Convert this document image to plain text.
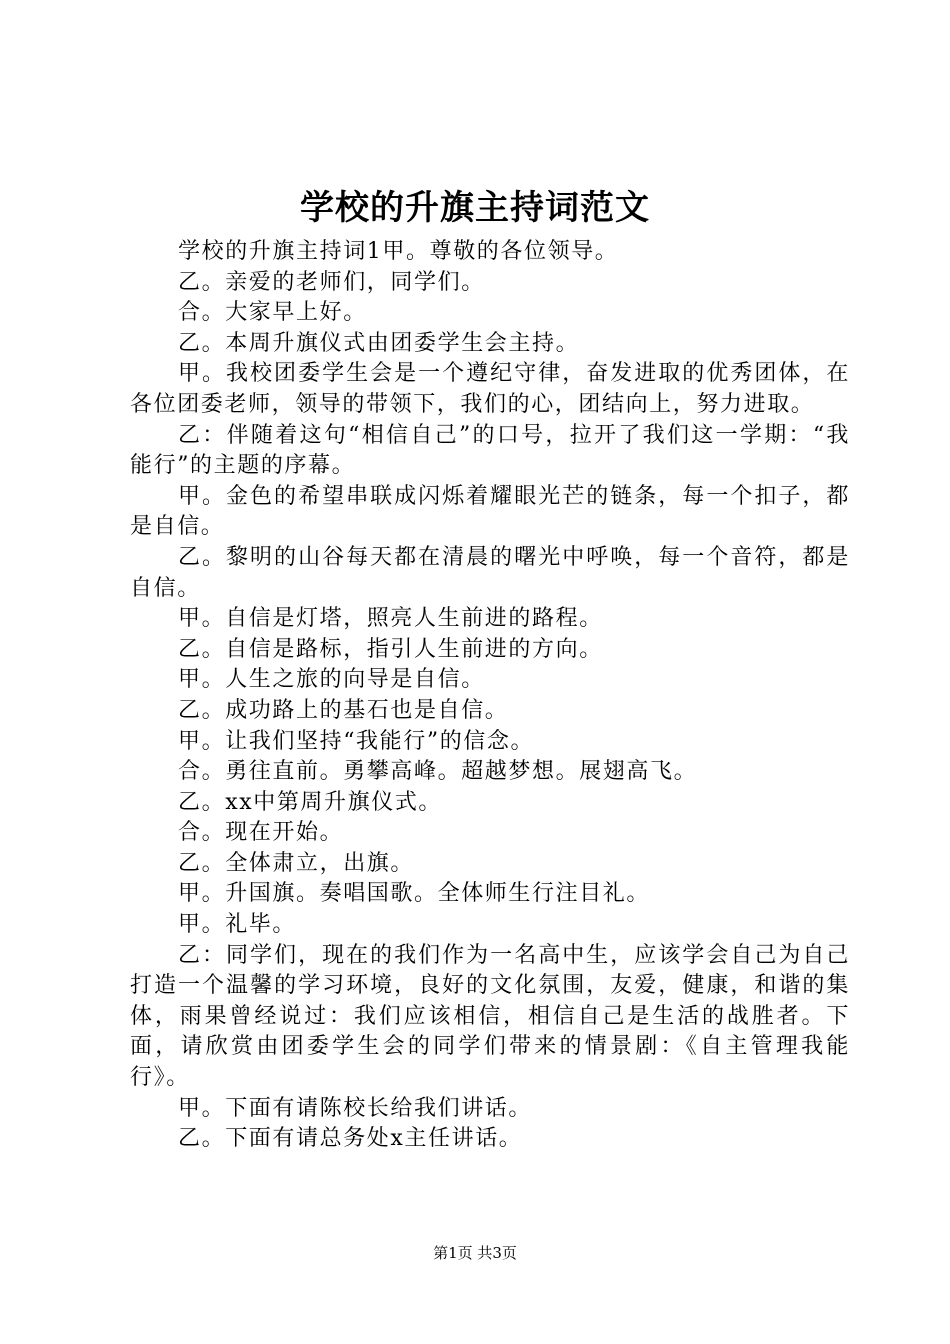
学校的升旗主持词范文

学校的升旗主持词1甲。尊敬的各位领导。

乙。亲爱的老师们，同学们。

合。大家早上好。

乙。本周升旗仪式由团委学生会主持。

甲。我校团委学生会是一个遵纪守律，奋发进取的优秀团体，在各位团委老师，领导的带领下，我们的心，团结向上，努力进取。

乙：伴随着这句“相信自己”的口号，拉开了我们这一学期：“我能行”的主题的序幕。

甲。金色的希望串联成闪烁着耀眼光芒的链条，每一个扣子，都是自信。

乙。黎明的山谷每天都在清晨的曙光中呼唤，每一个音符，都是自信。

甲。自信是灯塔，照亮人生前进的路程。

乙。自信是路标，指引人生前进的方向。

甲。人生之旅的向导是自信。

乙。成功路上的基石也是自信。

甲。让我们坚持“我能行”的信念。

合。勇往直前。勇攀高峰。超越梦想。展翅高飞。

乙。xx中第周升旗仪式。

合。现在开始。

乙。全体肃立，出旗。

甲。升国旗。奏唱国歌。全体师生行注目礼。

甲。礼毕。

乙：同学们，现在的我们作为一名高中生，应该学会自己为自己打造一个温馨的学习环境，良好的文化氛围，友爱，健康，和谐的集体，雨果曾经说过：我们应该相信，相信自己是生活的战胜者。下面，请欣赏由团委学生会的同学们带来的情景剧：《自主管理我能行》。

甲。下面有请陈校长给我们讲话。

乙。下面有请总务处x主任讲话。

第1页 共3页
